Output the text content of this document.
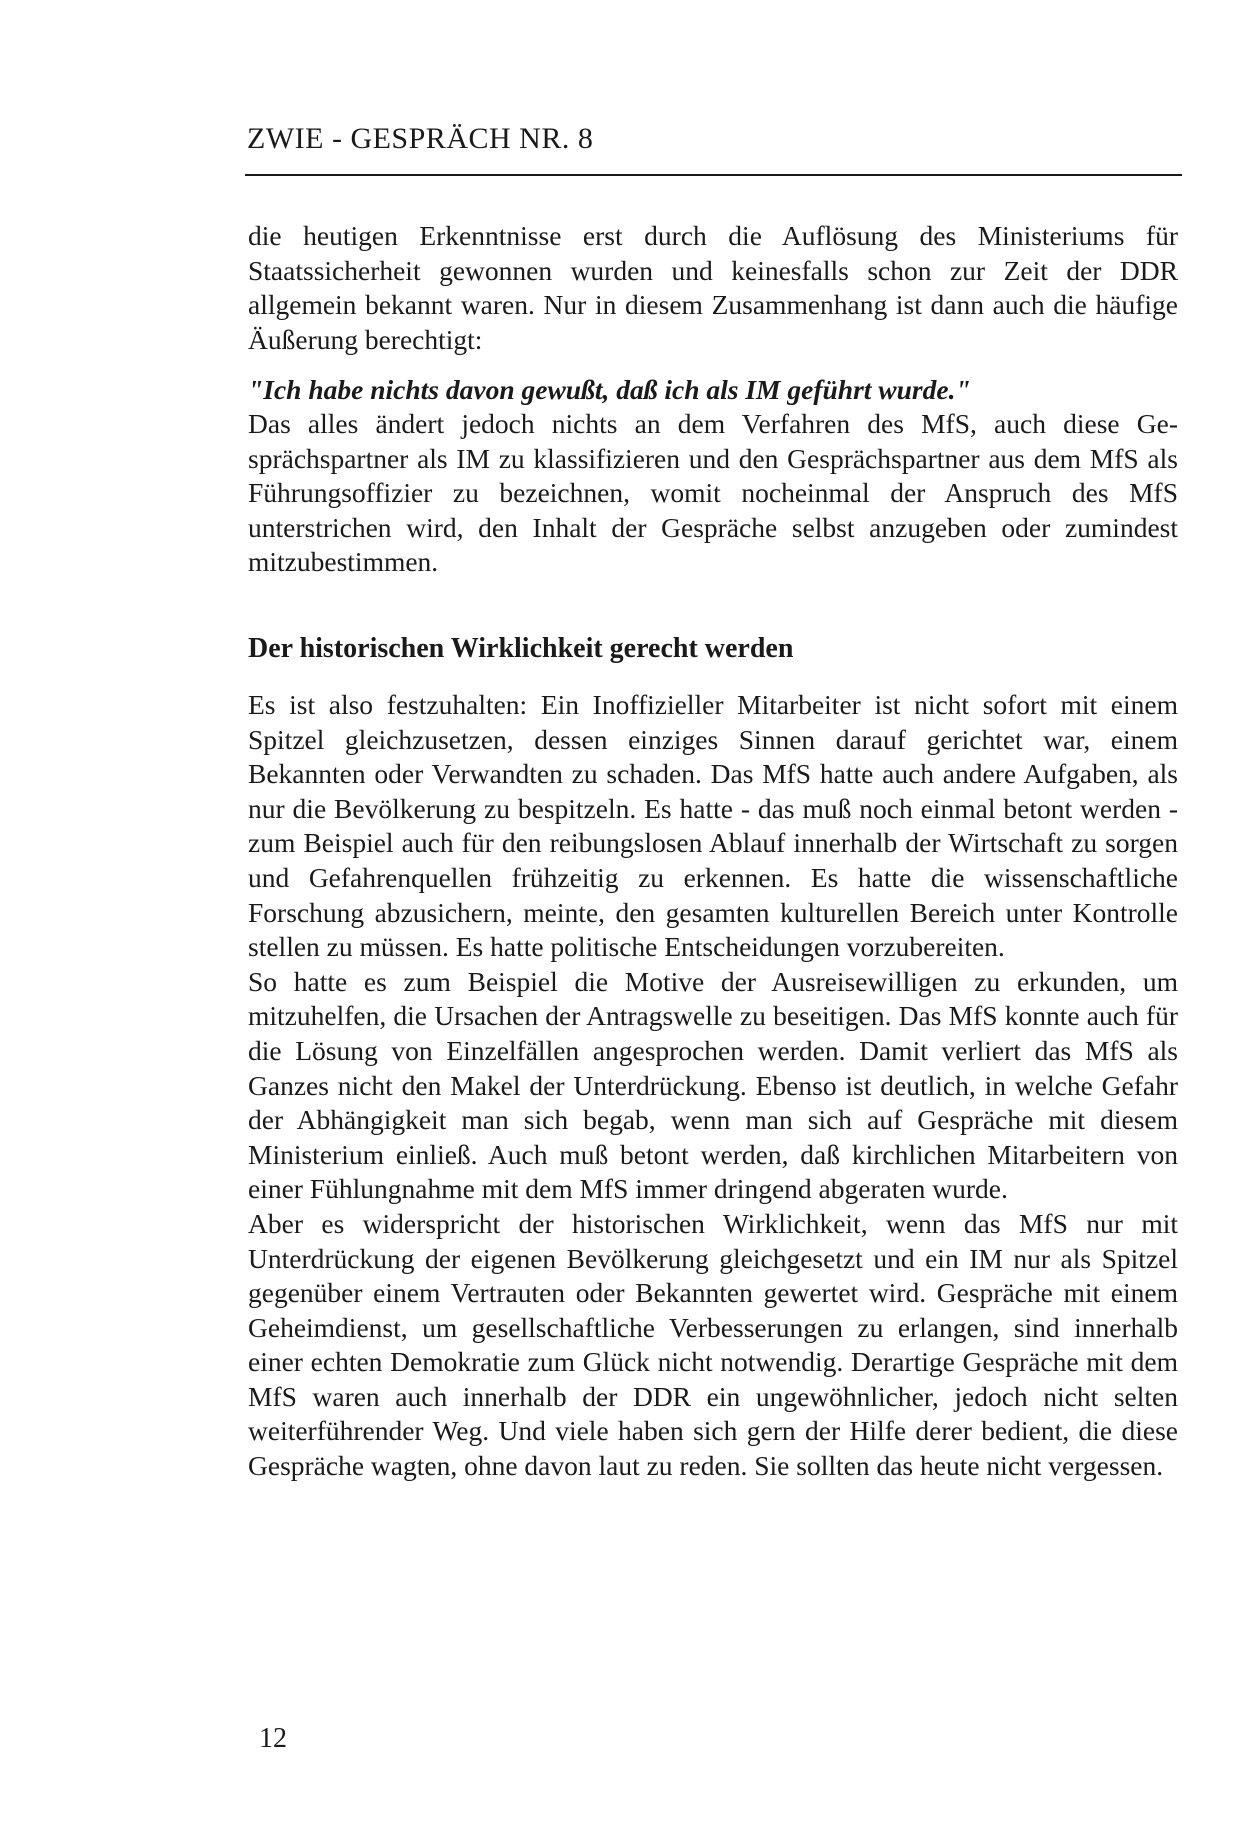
ZWIE - GESPRÄCH NR. 8

die heutigen Erkenntnisse erst durch die Auflösung des Ministeriums für Staatssicherheit gewonnen wurden und keinesfalls schon zur Zeit der DDR allgemein bekannt waren. Nur in diesem Zusammenhang ist dann auch die häufige Äußerung berechtigt:

"Ich habe nichts davon gewußt, daß ich als IM geführt wurde."

Das alles ändert jedoch nichts an dem Verfahren des MfS, auch diese Gesprächspartner als IM zu klassifizieren und den Gesprächspartner aus dem MfS als Führungsoffizier zu bezeichnen, womit nocheinmal der Anspruch des MfS unterstrichen wird, den Inhalt der Gespräche selbst anzugeben oder zumindest mitzubestimmen.

Der historischen Wirklichkeit gerecht werden

Es ist also festzuhalten: Ein Inoffizieller Mitarbeiter ist nicht sofort mit einem Spitzel gleichzusetzen, dessen einziges Sinnen darauf gerichtet war, einem Bekannten oder Verwandten zu schaden. Das MfS hatte auch andere Aufgaben, als nur die Bevölkerung zu bespitzeln. Es hatte - das muß noch einmal betont werden - zum Beispiel auch für den reibungslosen Ablauf innerhalb der Wirtschaft zu sorgen und Gefahrenquellen frühzeitig zu erkennen. Es hatte die wissenschaftliche Forschung abzusichern, meinte, den gesamten kulturellen Bereich unter Kontrolle stellen zu müssen. Es hatte politische Entscheidungen vorzubereiten.

So hatte es zum Beispiel die Motive der Ausreisewilligen zu erkunden, um mitzuhelfen, die Ursachen der Antragswelle zu beseitigen. Das MfS konnte auch für die Lösung von Einzelfällen angesprochen werden. Damit verliert das MfS als Ganzes nicht den Makel der Unterdrückung. Ebenso ist deutlich, in welche Gefahr der Abhängigkeit man sich begab, wenn man sich auf Gespräche mit diesem Ministerium einließ. Auch muß betont werden, daß kirchlichen Mitarbeitern von einer Fühlungnahme mit dem MfS immer dringend abgeraten wurde.

Aber es widerspricht der historischen Wirklichkeit, wenn das MfS nur mit Unterdrückung der eigenen Bevölkerung gleichgesetzt und ein IM nur als Spitzel gegenüber einem Vertrauten oder Bekannten gewertet wird. Gespräche mit einem Geheimdienst, um gesellschaftliche Verbesserungen zu erlangen, sind innerhalb einer echten Demokratie zum Glück nicht notwendig. Derartige Gespräche mit dem MfS waren auch innerhalb der DDR ein ungewöhnlicher, jedoch nicht selten weiterführender Weg. Und viele haben sich gern der Hilfe derer bedient, die diese Gespräche wagten, ohne davon laut zu reden. Sie sollten das heute nicht vergessen.

12
